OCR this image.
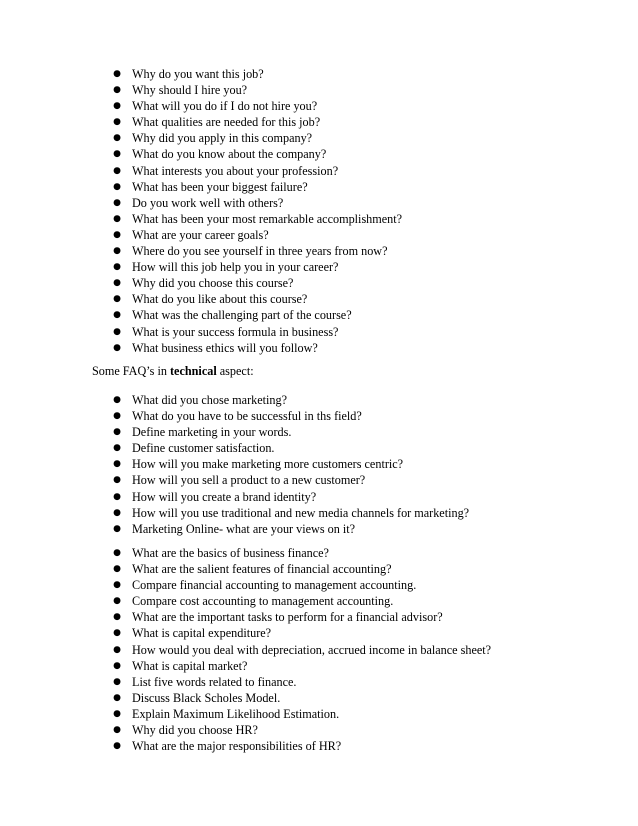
● Why do you want this job?
● Why should I hire you?
● What will you do if I do not hire you?
● What qualities are needed for this job?
● Why did you apply in this company?
● What do you know about the company?
● What interests you about your profession?
● What has been your biggest failure?
● Do you work well with others?
● What has been your most remarkable accomplishment?
● What are your career goals?
● Where do you see yourself in three years from now?
● How will this job help you in your career?
● Why did you choose this course?
● What do you like about this course?
● What was the challenging part of the course?
● What is your success formula in business?
● What business ethics will you follow?
Some FAQ’s in technical aspect:
● What did you chose marketing?
● What do you have to be successful in ths field?
● Define marketing in your words.
● Define customer satisfaction.
● How will you make marketing more customers centric?
● How will you sell a product to a new customer?
● How will you create a brand identity?
● How will you use traditional and new media channels for marketing?
● Marketing Online- what are your views on it?
● What are the basics of business finance?
● What are the salient features of financial accounting?
● Compare financial accounting to management accounting.
● Compare cost accounting to management accounting.
● What are the important tasks to perform for a financial advisor?
● What is capital expenditure?
● How would you deal with depreciation, accrued income in balance sheet?
● What is capital market?
● List five words related to finance.
● Discuss Black Scholes Model.
● Explain Maximum Likelihood Estimation.
● Why did you choose HR?
● What are the major responsibilities of HR?
